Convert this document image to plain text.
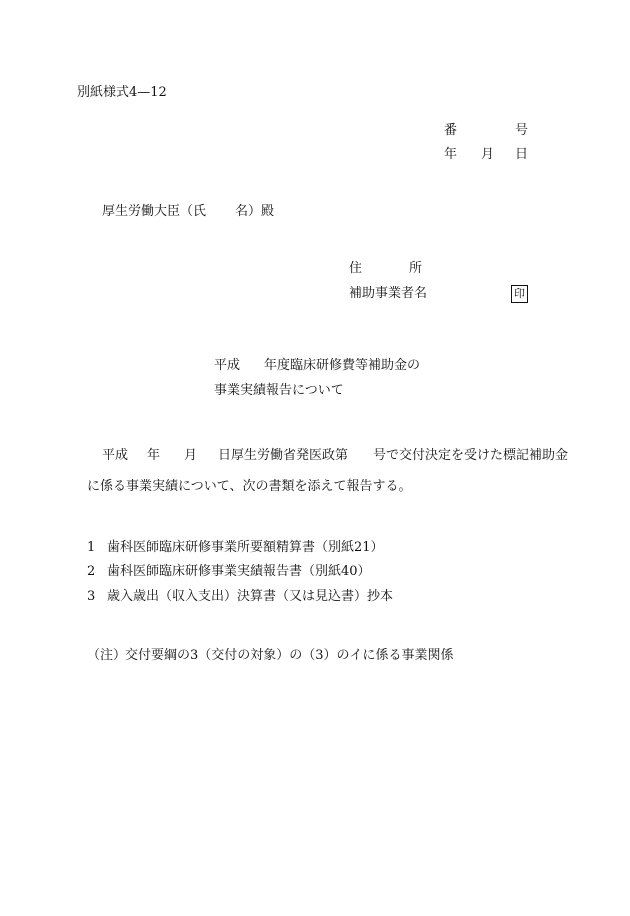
別紙様式4—12
番	号
年 月 日
厚生労働大臣（氏 名）殿
住	所
補助事業者名	印
平成 年度臨床研修費等補助金の
事業実績報告について
平成 年 月 日厚生労働省発医政第 号で交付決定を受けた標記補助金
に係る事業実績について、次の書類を添えて報告する。
1 歯科医師臨床研修事業所要額精算書（別紙21）
2 歯科医師臨床研修事業実績報告書（別紙40）
3 歳入歳出（収入支出）決算書（又は見込書）抄本
（注）
交付要綱の3（交付の対象）の（3）のイに係る事業関係
